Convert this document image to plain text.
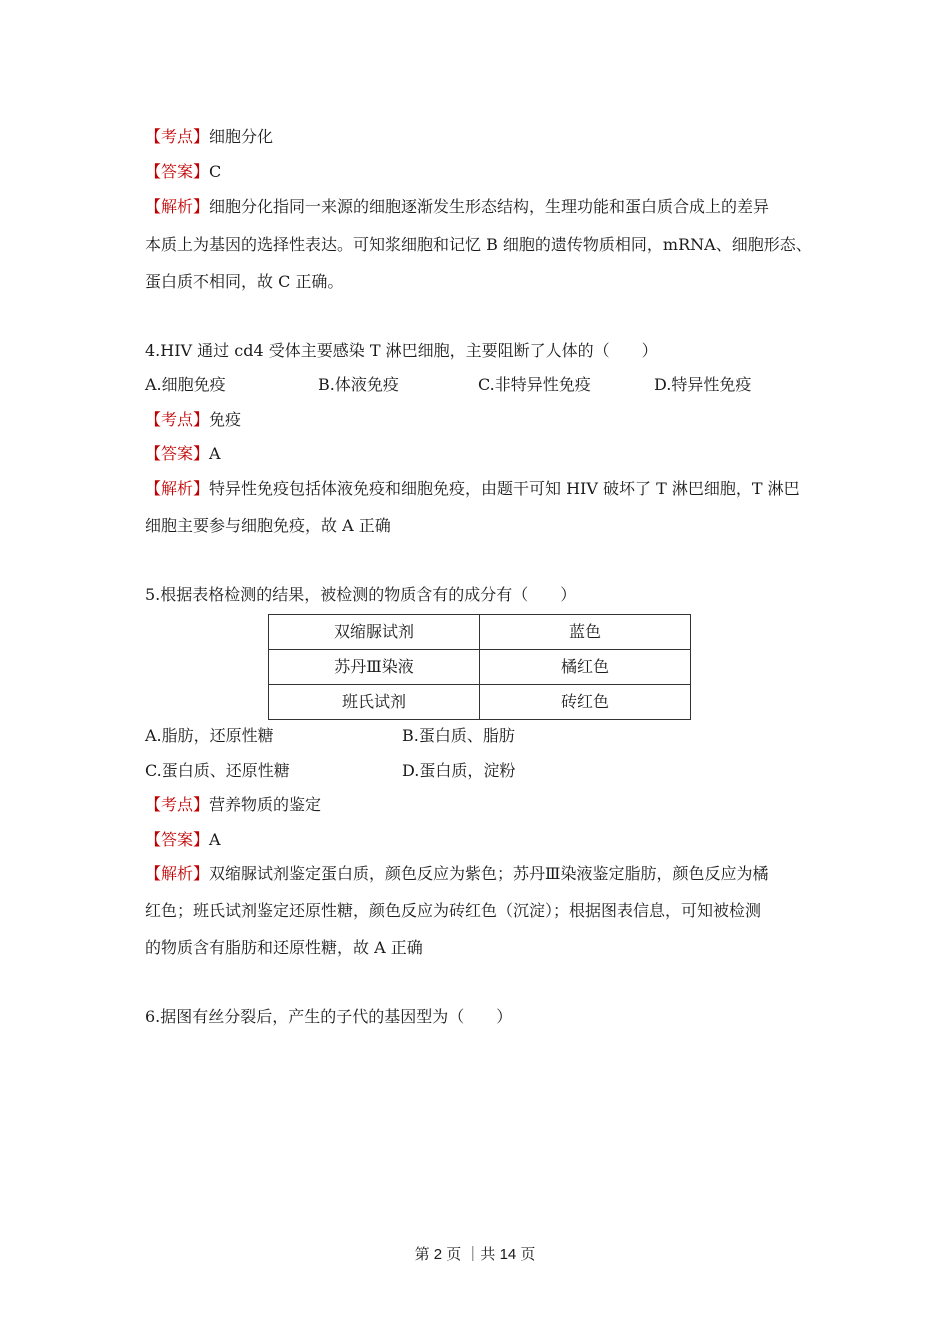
【考点】细胞分化
【答案】C
【解析】细胞分化指同一来源的细胞逐渐发生形态结构，生理功能和蛋白质合成上的差异
本质上为基因的选择性表达。可知浆细胞和记忆 B 细胞的遗传物质相同，mRNA、细胞形态、
蛋白质不相同，故 C 正确。
4.HIV 通过 cd4 受体主要感染 T 淋巴细胞，主要阻断了人体的（　　）
A.细胞免疫	B.体液免疫	C.非特异性免疫	D.特异性免疫
【考点】免疫
【答案】A
【解析】特异性免疫包括体液免疫和细胞免疫，由题干可知 HIV 破坏了 T 淋巴细胞，T 淋巴
细胞主要参与细胞免疫，故 A 正确
5.根据表格检测的结果，被检测的物质含有的成分有（　　）
双缩脲试剂	蓝色
苏丹Ⅲ染液	橘红色
班氏试剂	砖红色
A.脂肪，还原性糖	B.蛋白质、脂肪
C.蛋白质、还原性糖	D.蛋白质，淀粉
【考点】营养物质的鉴定
【答案】A
【解析】双缩脲试剂鉴定蛋白质，颜色反应为紫色；苏丹Ⅲ染液鉴定脂肪，颜色反应为橘
红色；班氏试剂鉴定还原性糖，颜色反应为砖红色（沉淀）；根据图表信息，可知被检测
的物质含有脂肪和还原性糖，故 A 正确
6.据图有丝分裂后，产生的子代的基因型为（　　）
第 2 页 ｜共 14 页
